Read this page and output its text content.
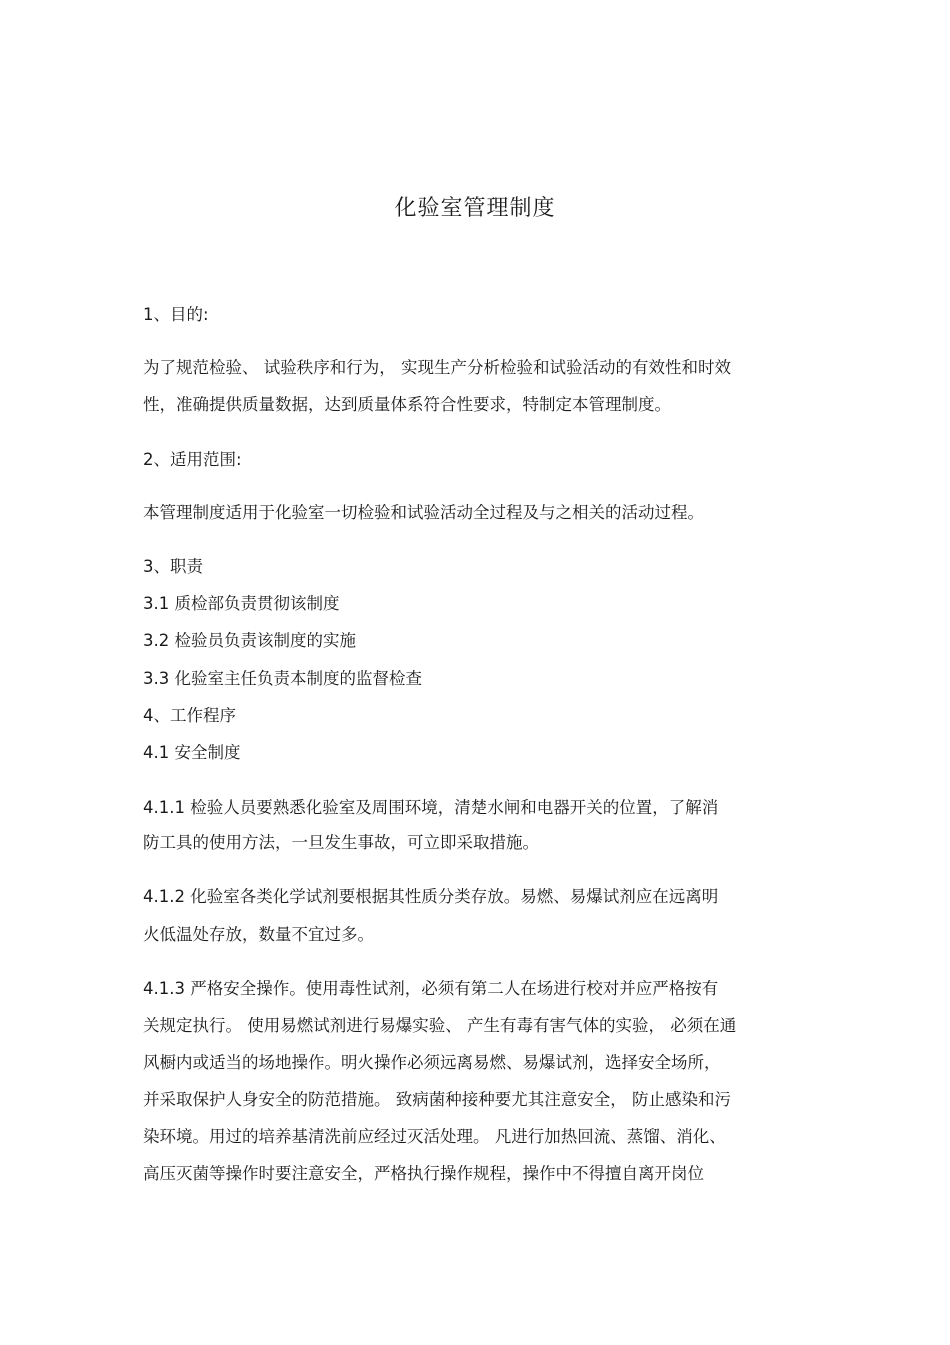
化验室管理制度
1、目的:
为了规范检验、 试验秩序和行为， 实现生产分析检验和试验活动的有效性和时效
性，准确提供质量数据，达到质量体系符合性要求，特制定本管理制度。
2、适用范围:
本管理制度适用于化验室一切检验和试验活动全过程及与之相关的活动过程。
3、职责
3.1 质检部负责贯彻该制度
3.2 检验员负责该制度的实施
3.3 化验室主任负责本制度的监督检查
4、工作程序
4.1 安全制度
4.1.1 检验人员要熟悉化验室及周围环境，清楚水闸和电器开关的位置，了解消
防工具的使用方法，一旦发生事故，可立即采取措施。
4.1.2 化验室各类化学试剂要根据其性质分类存放。易燃、易爆试剂应在远离明
火低温处存放，数量不宜过多。
4.1.3 严格安全操作。使用毒性试剂，必须有第二人在场进行校对并应严格按有
关规定执行。 使用易燃试剂进行易爆实验、 产生有毒有害气体的实验， 必须在通
风橱内或适当的场地操作。明火操作必须远离易燃、易爆试剂，选择安全场所，
并采取保护人身安全的防范措施。 致病菌种接种要尤其注意安全， 防止感染和污
染环境。用过的培养基清洗前应经过灭活处理。 凡进行加热回流、蒸馏、消化、
高压灭菌等操作时要注意安全，严格执行操作规程，操作中不得擅自离开岗位
